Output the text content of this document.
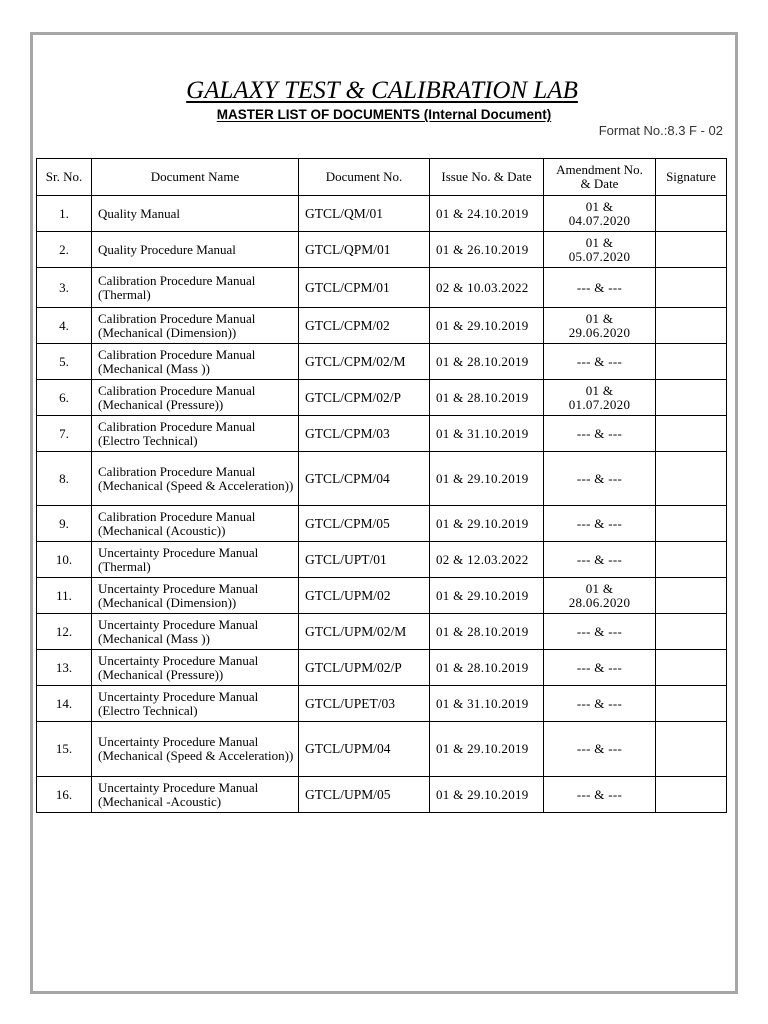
GALAXY TEST & CALIBRATION LAB
MASTER LIST OF DOCUMENTS (Internal Document)
Format No.:8.3 F - 02
Sr. No.	Document Name	Document No.	Issue No. & Date	Amendment No. & Date	Signature
1.	Quality Manual	GTCL/QM/01	01 & 24.10.2019	01 &
04.07.2020	

2.	Quality Procedure Manual	GTCL/QPM/01	01 & 26.10.2019	01 &
05.07.2020	

3.	Calibration Procedure Manual (Thermal)	GTCL/CPM/01	02 & 10.03.2022	--- & ---	

4.	Calibration Procedure Manual (Mechanical (Dimension))	GTCL/CPM/02	01 & 29.10.2019	01 &
29.06.2020	

5.	Calibration Procedure Manual (Mechanical (Mass ))	GTCL/CPM/02/M	01 & 28.10.2019	--- & ---	

6.	Calibration Procedure Manual (Mechanical (Pressure))	GTCL/CPM/02/P	01 & 28.10.2019	01 &
01.07.2020	

7.	Calibration Procedure Manual (Electro Technical)	GTCL/CPM/03	01 & 31.10.2019	--- & ---	

8.	Calibration Procedure Manual (Mechanical (Speed & Acceleration))	GTCL/CPM/04	01 & 29.10.2019	--- & ---	

9.	Calibration Procedure Manual (Mechanical (Acoustic))	GTCL/CPM/05	01 & 29.10.2019	--- & ---	

10.	Uncertainty Procedure Manual (Thermal)	GTCL/UPT/01	02 & 12.03.2022	--- & ---	

11.	Uncertainty Procedure Manual (Mechanical (Dimension))	GTCL/UPM/02	01 & 29.10.2019	01 &
28.06.2020	

12.	Uncertainty Procedure Manual (Mechanical (Mass ))	GTCL/UPM/02/M	01 & 28.10.2019	--- & ---	

13.	Uncertainty Procedure Manual (Mechanical (Pressure))	GTCL/UPM/02/P	01 & 28.10.2019	--- & ---	

14.	Uncertainty Procedure Manual (Electro Technical)	GTCL/UPET/03	01 & 31.10.2019	--- & ---	

15.	Uncertainty Procedure Manual (Mechanical (Speed & Acceleration))	GTCL/UPM/04	01 & 29.10.2019	--- & ---	

16.	Uncertainty Procedure Manual (Mechanical -Acoustic)	GTCL/UPM/05	01 & 29.10.2019	--- & ---	
